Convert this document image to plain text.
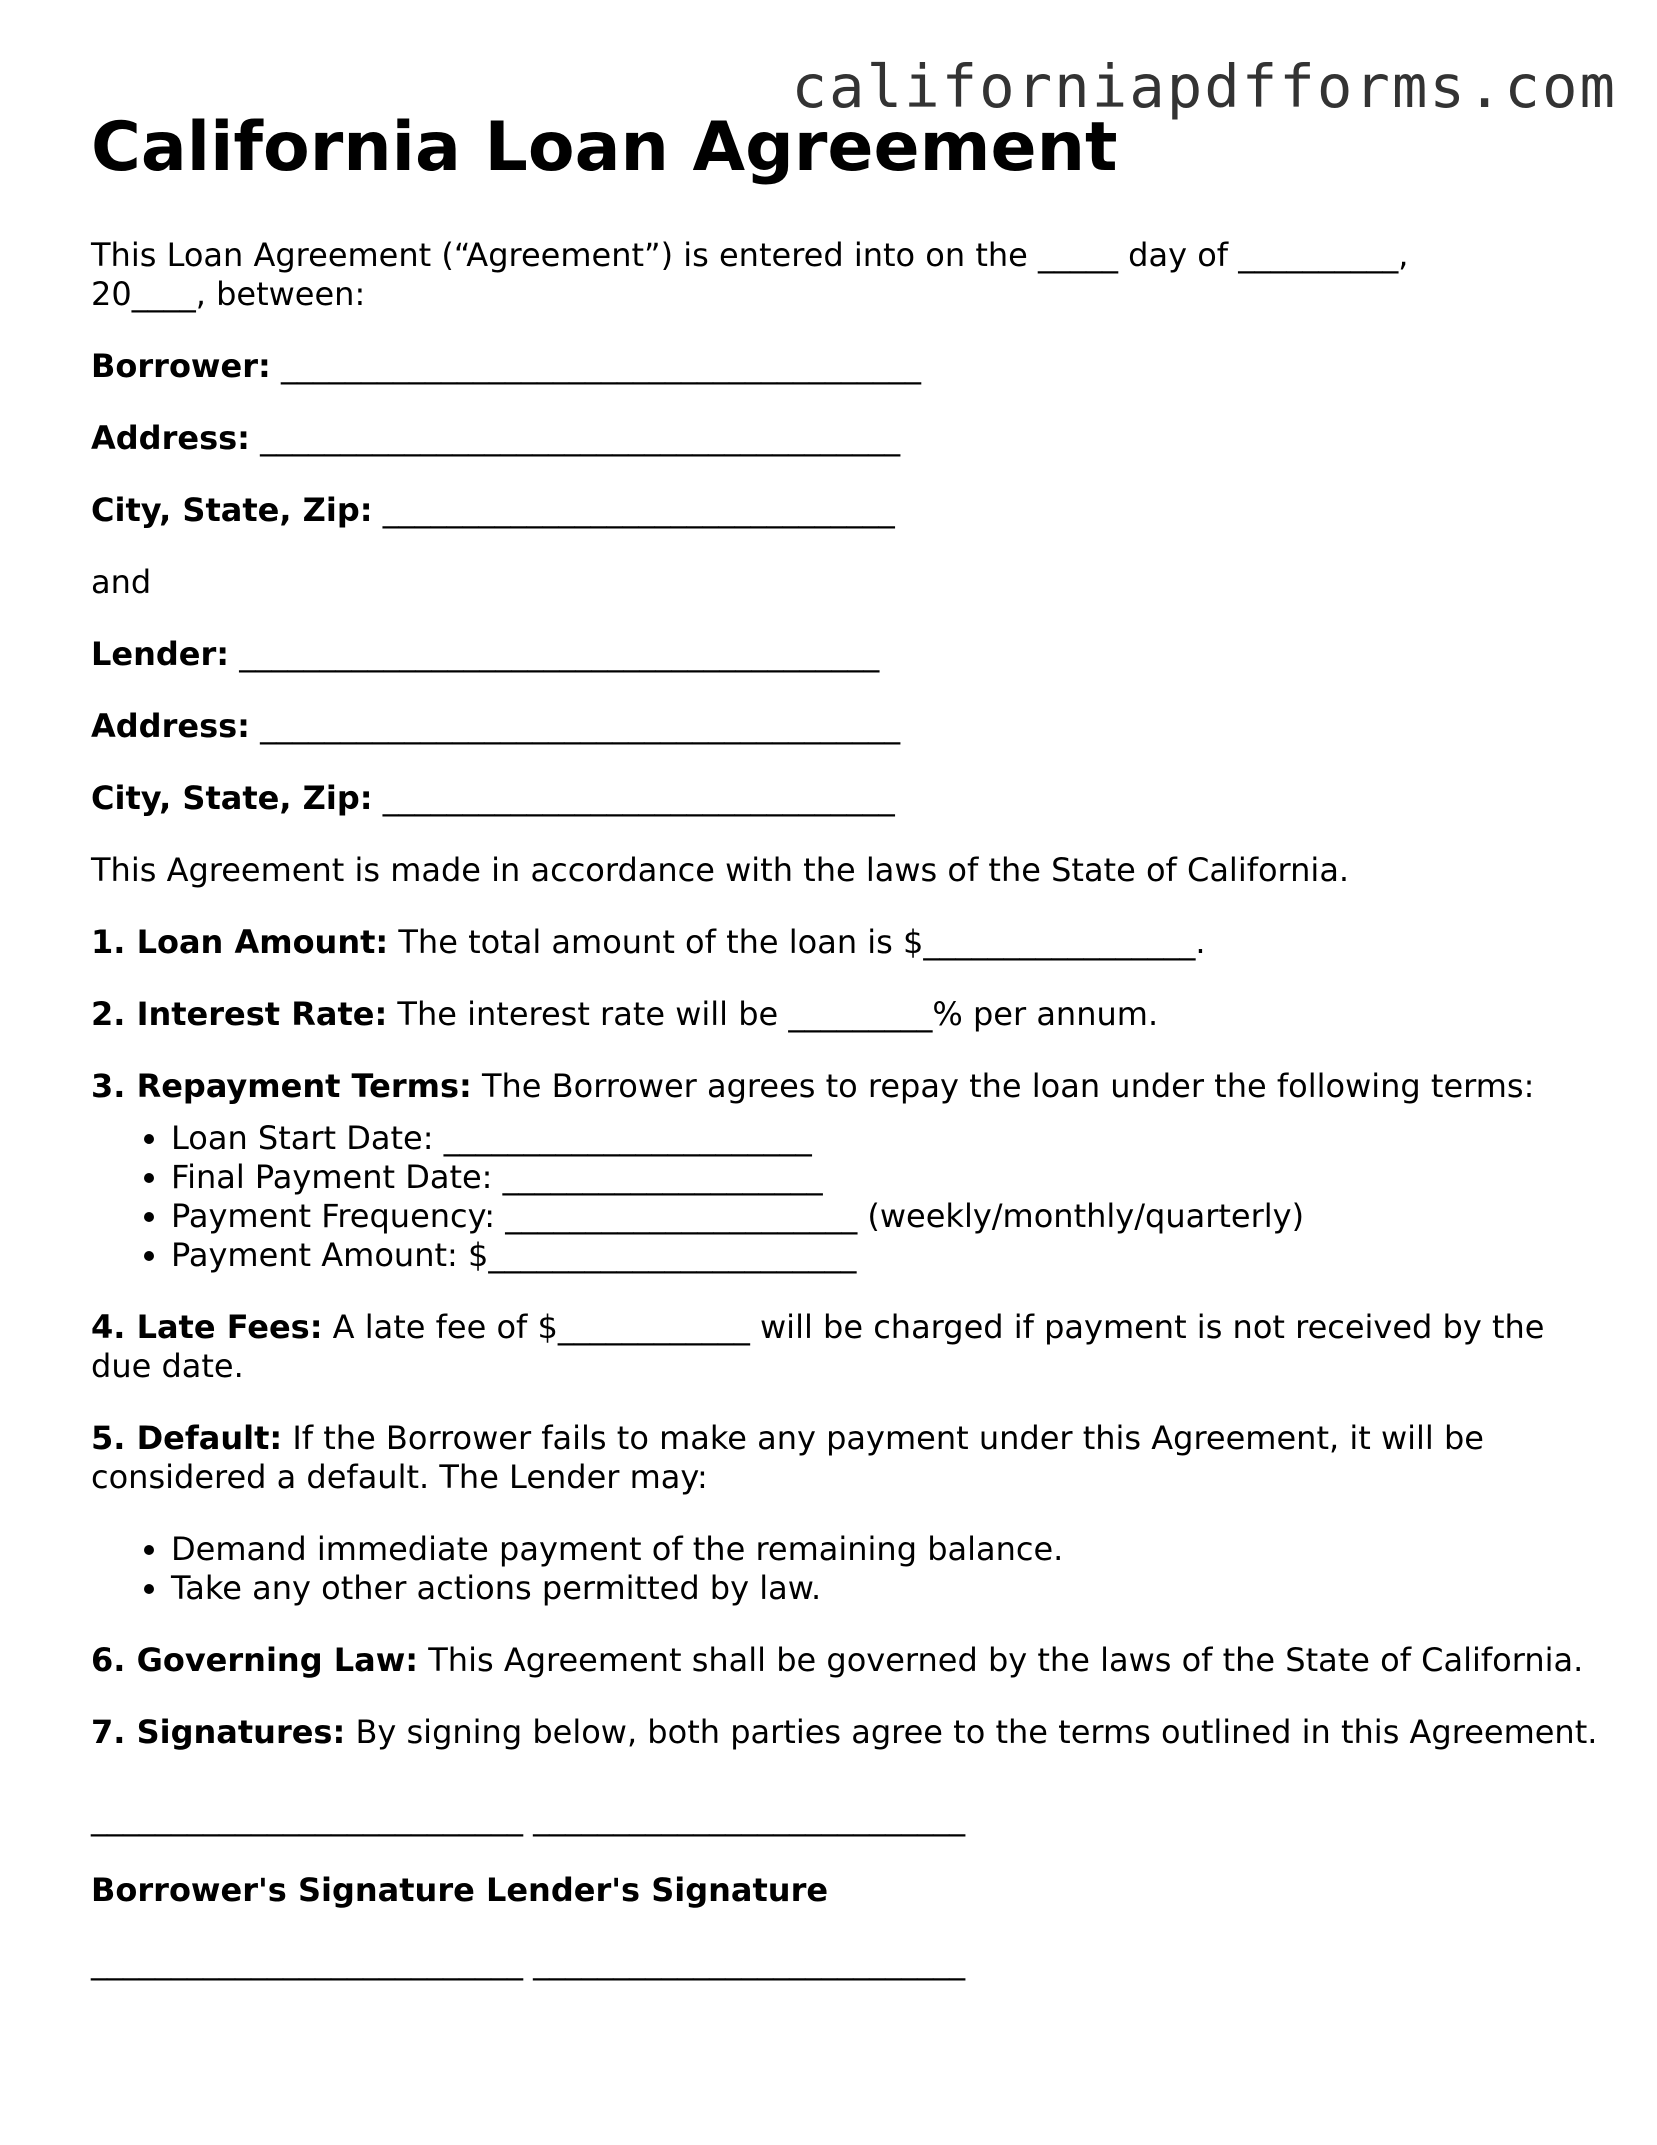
californiapdfforms.com
California Loan Agreement

This Loan Agreement (“Agreement”) is entered into on the _____ day of __________,
20____, between:

Borrower: ________________________________________

Address: ________________________________________

City, State, Zip: ________________________________

and

Lender: ________________________________________

Address: ________________________________________

City, State, Zip: ________________________________

This Agreement is made in accordance with the laws of the State of California.

1. Loan Amount: The total amount of the loan is $_________________.

2. Interest Rate: The interest rate will be _________% per annum.

3. Repayment Terms: The Borrower agrees to repay the loan under the following terms:

• Loan Start Date: _______________________
• Final Payment Date: ____________________
• Payment Frequency: ______________________ (weekly/monthly/quarterly)
• Payment Amount: $_______________________

4. Late Fees: A late fee of $____________ will be charged if payment is not received by the due date.

5. Default: If the Borrower fails to make any payment under this Agreement, it will be considered a default. The Lender may:

• Demand immediate payment of the remaining balance.
• Take any other actions permitted by law.

6. Governing Law: This Agreement shall be governed by the laws of the State of California.

7. Signatures: By signing below, both parties agree to the terms outlined in this Agreement.

___________________________ ___________________________

Borrower's Signature Lender's Signature

___________________________ ___________________________
